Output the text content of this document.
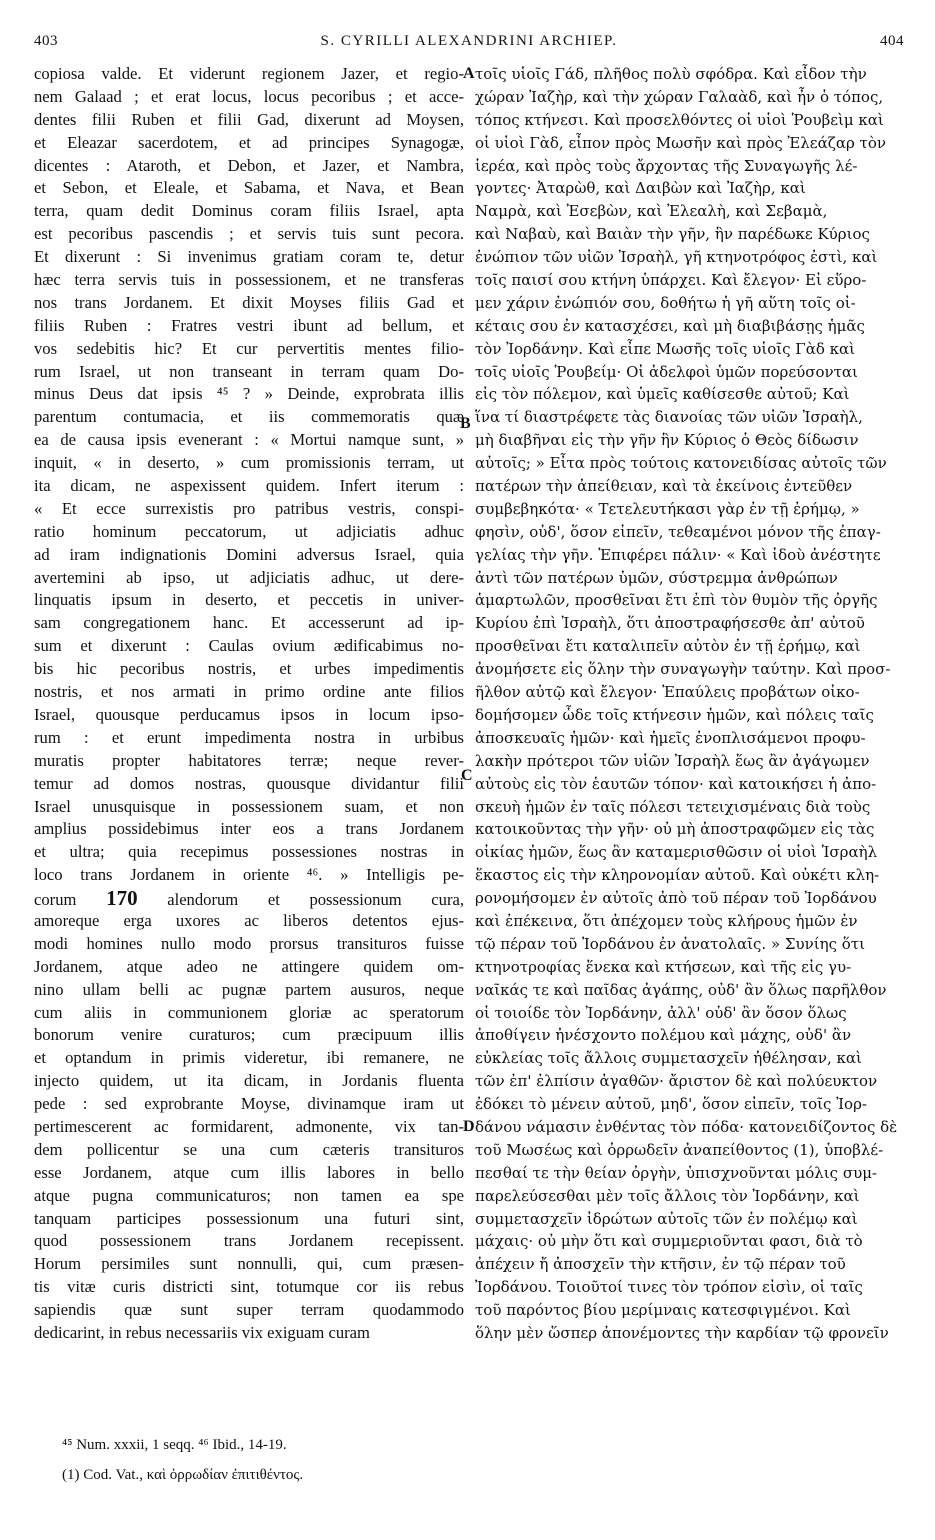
403	S. CYRILLI ALEXANDRINI ARCHIEP.	404
copiosa valde. Et viderunt regionem Jazer, et regio-
nem Galaad ; et erat locus, locus pecoribus ; et acce-
dentes filii Ruben et filii Gad, dixerunt ad Moysen,
et Eleazar sacerdotem, et ad principes Synagogæ,
dicentes : Ataroth, et Debon, et Jazer, et Nambra,
et Sebon, et Eleale, et Sabama, et Nava, et Bean
terra, quam dedit Dominus coram filiis Israel, apta
est pecoribus pascendis ; et servis tuis sunt pecora.
Et dixerunt : Si invenimus gratiam coram te, detur
hæc terra servis tuis in possessionem, et ne transferas
nos trans Jordanem. Et dixit Moyses filiis Gad et
filiis Ruben : Fratres vestri ibunt ad bellum, et
vos sedebitis hic? Et cur pervertitis mentes filio-
rum Israel, ut non transeant in terram quam Do-
minus Deus dat ipsis ⁴⁵ ? » Deinde, exprobrata illis
parentum contumacia, et iis commemoratis quæ
ea de causa ipsis evenerant : « Mortui namque sunt, »
inquit, « in deserto, » cum promissionis terram, ut
ita dicam, ne aspexissent quidem. Infert iterum :
« Et ecce surrexistis pro patribus vestris, conspi-
ratio hominum peccatorum, ut adjiciatis adhuc
ad iram indignationis Domini adversus Israel, quia
avertemini ab ipso, ut adjiciatis adhuc, ut dere-
linquatis ipsum in deserto, et peccetis in univer-
sam congregationem hanc. Et accesserunt ad ip-
sum et dixerunt : Caulas ovium ædificabimus no-
bis hic pecoribus nostris, et urbes impedimentis
nostris, et nos armati in primo ordine ante filios
Israel, quousque perducamus ipsos in locum ipso-
rum : et erunt impedimenta nostra in urbibus
muratis propter habitatores terræ; neque rever-
temur ad domos nostras, quousque dividantur filii
Israel unusquisque in possessionem suam, et non
amplius possidebimus inter eos a trans Jordanem
et ultra; quia recepimus possessiones nostras in
loco trans Jordanem in oriente ⁴⁶. » Intelligis pe-
corum 170 alendorum et possessionum cura,
amoreque erga uxores ac liberos detentos ejus-
modi homines nullo modo prorsus transituros fuisse
Jordanem, atque adeo ne attingere quidem om-
nino ullam belli ac pugnæ partem ausuros, neque
cum aliis in communionem gloriæ ac speratorum
bonorum venire curaturos; cum præcipuum illis
et optandum in primis videretur, ibi remanere, ne
injecto quidem, ut ita dicam, in Jordanis fluenta
pede : sed exprobrante Moyse, divinamque iram ut
pertimescerent ac formidarent, admonente, vix tan-
dem pollicentur se una cum cæteris transituros
esse Jordanem, atque cum illis labores in bello
atque pugna communicaturos; non tamen ea spe
tanquam participes possessionum una futuri sint,
quod possessionem trans Jordanem recepissent.
Horum persimiles sunt nonnulli, qui, cum præsen-
tis vitæ curis districti sint, totumque cor iis rebus
sapiendis quæ sunt super terram quodammodo
dedicarint, in rebus necessariis vix exiguam curam
τοῖς υἱοῖς Γάδ, πλῆθος πολὺ σφόδρα. Καὶ εἶδον τὴν
χώραν Ἰαζὴρ, καὶ τὴν χώραν Γαλαὰδ, καὶ ἦν ὁ τόπος,
τόπος κτήνεσι. Καὶ προσελθόντες οἱ υἱοὶ Ῥουβεὶμ καὶ
οἱ υἱοὶ Γὰδ, εἶπον πρὸς Μωσῆν καὶ πρὸς Ἐλεάζαρ τὸν
ἱερέα, καὶ πρὸς τοὺς ἄρχοντας τῆς Συναγωγῆς λέ-
γοντες· Ἀταρὼθ, καὶ Δαιβὼν καὶ Ἰαζὴρ, καὶ
Ναμρὰ, καὶ Ἐσεβὼν, καὶ Ἐλεαλὴ, καὶ Σεβαμὰ,
καὶ Ναβαὺ, καὶ Βαιὰν τὴν γῆν, ἣν παρέδωκε Κύριος
ἐνώπιον τῶν υἱῶν Ἰσραὴλ, γῆ κτηνοτρόφος ἐστὶ, καὶ
τοῖς παισί σου κτήνη ὑπάρχει. Καὶ ἔλεγον· Εἰ εὕρο-
μεν χάριν ἐνώπιόν σου, δοθήτω ἡ γῆ αὕτη τοῖς οἰ-
κέταις σου ἐν κατασχέσει, καὶ μὴ διαβιβάσῃς ἡμᾶς
τὸν Ἰορδάνην. Καὶ εἶπε Μωσῆς τοῖς υἱοῖς Γὰδ καὶ
τοῖς υἱοῖς Ῥουβείμ· Οἱ ἀδελφοὶ ὑμῶν πορεύσονται
εἰς τὸν πόλεμον, καὶ ὑμεῖς καθίσεσθε αὐτοῦ; Καὶ
ἵνα τί διαστρέφετε τὰς διανοίας τῶν υἱῶν Ἰσραὴλ,
μὴ διαβῆναι εἰς τὴν γῆν ἣν Κύριος ὁ Θεὸς δίδωσιν
αὐτοῖς; » Εἶτα πρὸς τούτοις κατονειδίσας αὐτοῖς τῶν
πατέρων τὴν ἀπείθειαν, καὶ τὰ ἐκείνοις ἐντεῦθεν
συμβεβηκότα· « Τετελευτήκασι γὰρ ἐν τῇ ἐρήμῳ, »
φησὶν, οὐδ', ὅσον εἰπεῖν, τεθεαμένοι μόνον τῆς ἐπαγ-
γελίας τὴν γῆν. Ἐπιφέρει πάλιν· « Καὶ ἰδοὺ ἀνέστητε
ἀντὶ τῶν πατέρων ὑμῶν, σύστρεμμα ἀνθρώπων
ἁμαρτωλῶν, προσθεῖναι ἔτι ἐπὶ τὸν θυμὸν τῆς ὀργῆς
Κυρίου ἐπὶ Ἰσραὴλ, ὅτι ἀποστραφήσεσθε ἀπ' αὐτοῦ
προσθεῖναι ἔτι καταλιπεῖν αὐτὸν ἐν τῇ ἐρήμῳ, καὶ
ἀνομήσετε εἰς ὅλην τὴν συναγωγὴν ταύτην. Καὶ προσ-
ῆλθον αὐτῷ καὶ ἔλεγον· Ἐπαύλεις προβάτων οἰκο-
δομήσομεν ὧδε τοῖς κτήνεσιν ἡμῶν, καὶ πόλεις ταῖς
ἀποσκευαῖς ἡμῶν· καὶ ἡμεῖς ἐνοπλισάμενοι προφυ-
λακὴν πρότεροι τῶν υἱῶν Ἰσραὴλ ἕως ἂν ἀγάγωμεν
αὐτοὺς εἰς τὸν ἑαυτῶν τόπον· καὶ κατοικήσει ἡ ἀπο-
σκευὴ ἡμῶν ἐν ταῖς πόλεσι τετειχισμέναις διὰ τοὺς
κατοικοῦντας τὴν γῆν· οὐ μὴ ἀποστραφῶμεν εἰς τὰς
οἰκίας ἡμῶν, ἕως ἂν καταμερισθῶσιν οἱ υἱοὶ Ἰσραὴλ
ἕκαστος εἰς τὴν κληρονομίαν αὐτοῦ. Καὶ οὐκέτι κλη-
ρονομήσομεν ἐν αὐτοῖς ἀπὸ τοῦ πέραν τοῦ Ἰορδάνου
καὶ ἐπέκεινα, ὅτι ἀπέχομεν τοὺς κλήρους ἡμῶν ἐν
τῷ πέραν τοῦ Ἰορδάνου ἐν ἀνατολαῖς. » Συνίης ὅτι
κτηνοτροφίας ἕνεκα καὶ κτήσεων, καὶ τῆς εἰς γυ-
ναῖκάς τε καὶ παῖδας ἀγάπης, οὐδ' ἂν ὅλως παρῆλθον
οἱ τοιοίδε τὸν Ἰορδάνην, ἀλλ' οὐδ' ἂν ὅσον ὅλως
ἀποθίγειν ἠνέσχοντο πολέμου καὶ μάχης, οὐδ' ἂν
εὐκλείας τοῖς ἄλλοις συμμετασχεῖν ἠθέλησαν, καὶ
τῶν ἐπ' ἐλπίσιν ἀγαθῶν· ἄριστον δὲ καὶ πολύευκτον
ἐδόκει τὸ μένειν αὐτοῦ, μηδ', ὅσον εἰπεῖν, τοῖς Ἰορ-
δάνου νάμασιν ἐνθέντας τὸν πόδα· κατονειδίζοντος δὲ
τοῦ Μωσέως καὶ ὀρρωδεῖν ἀναπείθοντος (1), ὑποβλέ-
πεσθαί τε τὴν θείαν ὀργὴν, ὑπισχνοῦνται μόλις συμ-
παρελεύσεσθαι μὲν τοῖς ἄλλοις τὸν Ἰορδάνην, καὶ
συμμετασχεῖν ἱδρώτων αὐτοῖς τῶν ἐν πολέμῳ καὶ
μάχαις· οὐ μὴν ὅτι καὶ συμμεριοῦνται φασι, διὰ τὸ
ἀπέχειν ἤ ἀποσχεῖν τὴν κτῆσιν, ἐν τῷ πέραν τοῦ
Ἰορδάνου. Τοιοῦτοί τινες τὸν τρόπον εἰσὶν, οἱ ταῖς
τοῦ παρόντος βίου μερίμναις κατεσφιγμένοι. Καὶ
ὅλην μὲν ὥσπερ ἀπονέμοντες τὴν καρδίαν τῷ φρονεῖν
A
B
C
D
⁴⁵ Num. xxxii, 1 seqq. ⁴⁶ Ibid., 14-19.
(1) Cod. Vat., καὶ ὀρρωδίαν ἐπιτιθέντος.
